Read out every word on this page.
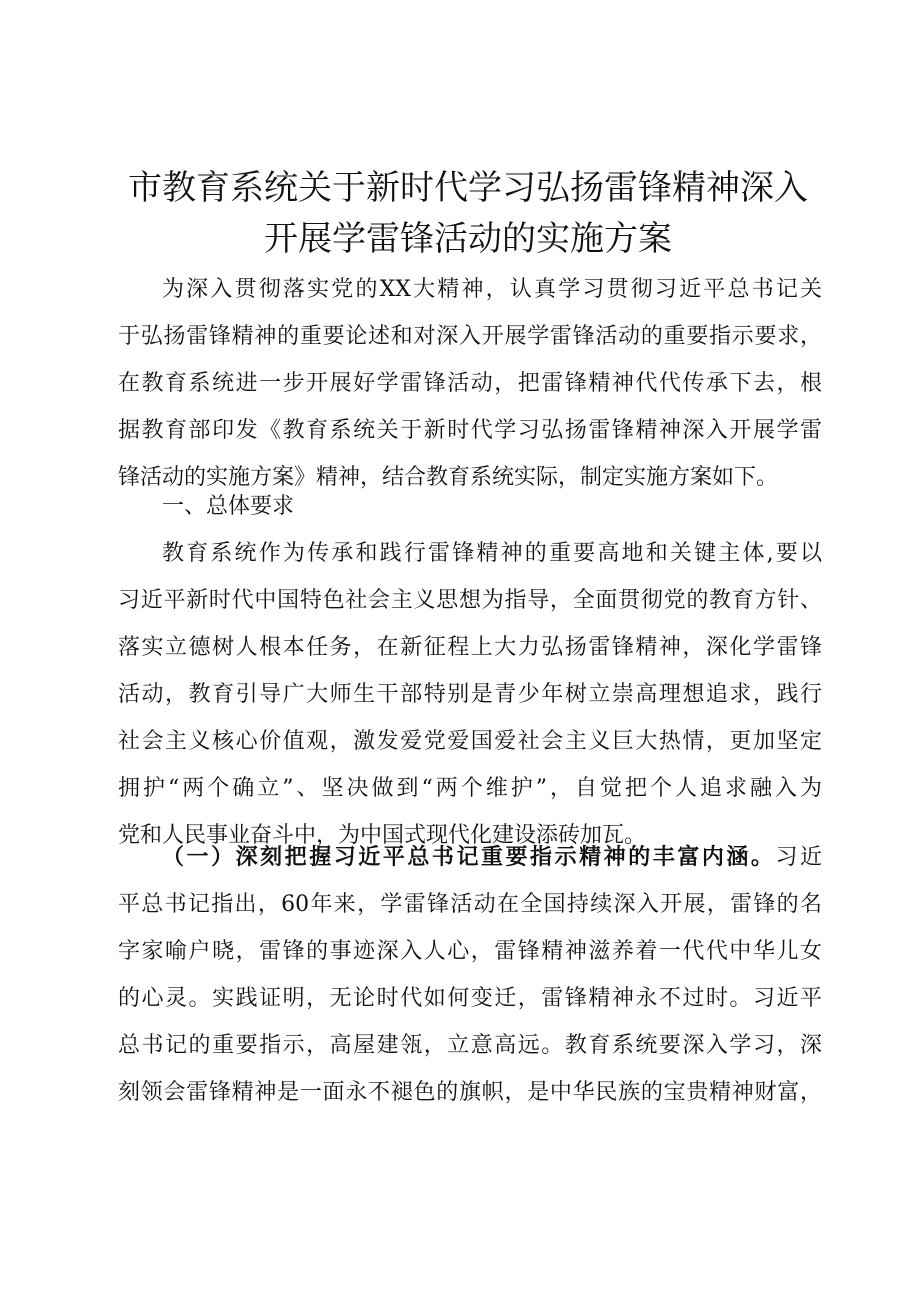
市教育系统关于新时代学习弘扬雷锋精神深入
开展学雷锋活动的实施方案
为深入贯彻落实党的XX大精神，认真学习贯彻习近平总书记关
于弘扬雷锋精神的重要论述和对深入开展学雷锋活动的重要指示要求，
在教育系统进一步开展好学雷锋活动，把雷锋精神代代传承下去，根
据教育部印发《教育系统关于新时代学习弘扬雷锋精神深入开展学雷
锋活动的实施方案》精神，结合教育系统实际，制定实施方案如下。
一、总体要求
教育系统作为传承和践行雷锋精神的重要高地和关键主体,要以
习近平新时代中国特色社会主义思想为指导，全面贯彻党的教育方针、
落实立德树人根本任务，在新征程上大力弘扬雷锋精神，深化学雷锋
活动，教育引导广大师生干部特别是青少年树立崇高理想追求，践行
社会主义核心价值观，激发爱党爱国爱社会主义巨大热情，更加坚定
拥护“两个确立”、坚决做到“两个维护”，自觉把个人追求融入为
党和人民事业奋斗中，为中国式现代化建设添砖加瓦。
（一）深刻把握习近平总书记重要指示精神的丰富内涵。习近
平总书记指出，60年来，学雷锋活动在全国持续深入开展，雷锋的名
字家喻户晓，雷锋的事迹深入人心，雷锋精神滋养着一代代中华儿女
的心灵。实践证明，无论时代如何变迁，雷锋精神永不过时。习近平
总书记的重要指示，高屋建瓴，立意高远。教育系统要深入学习，深
刻领会雷锋精神是一面永不褪色的旗帜，是中华民族的宝贵精神财富，
